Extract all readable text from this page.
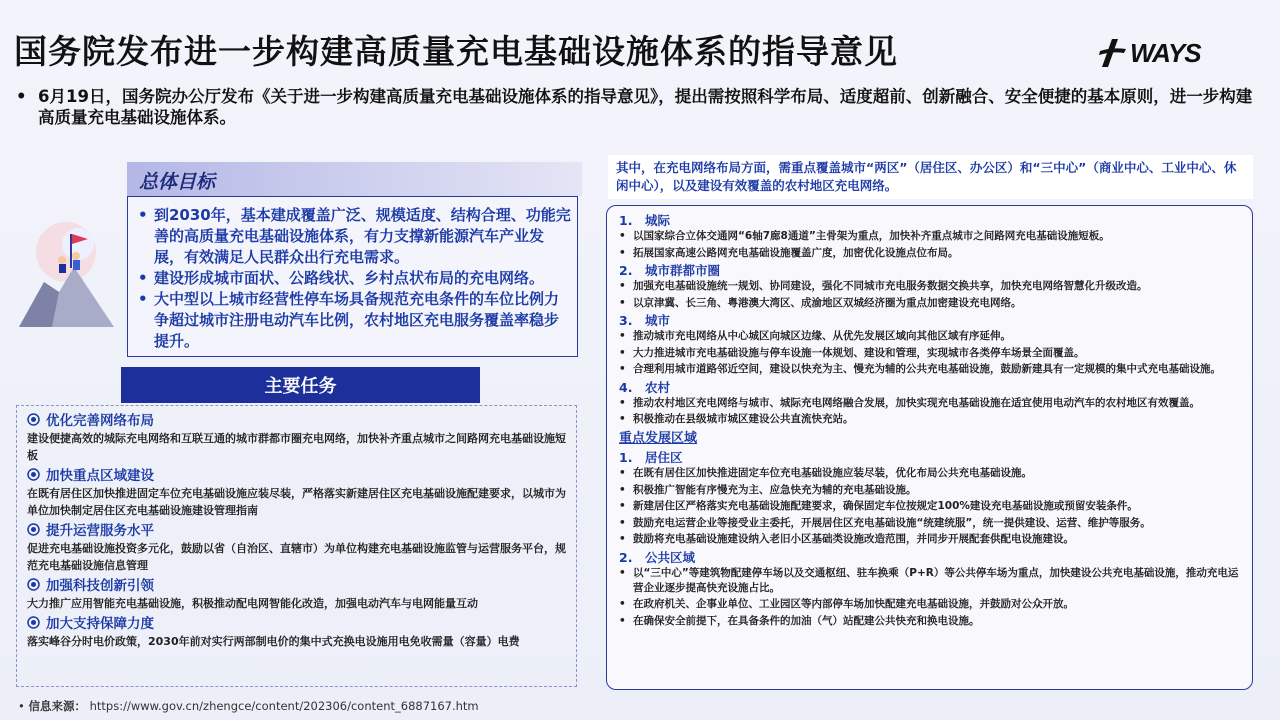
国务院发布进一步构建高质量充电基础设施体系的指导意见	WAYS
• 6月19日，国务院办公厅发布《关于进一步构建高质量充电基础设施体系的指导意见》，提出需按照科学布局、适度超前、创新融合、安全便捷的基本原则，进一步构建高质量充电基础设施体系。
总体目标
• 到2030年，基本建成覆盖广泛、规模适度、结构合理、功能完善的高质量充电基础设施体系，有力支撑新能源汽车产业发展，有效满足人民群众出行充电需求。
• 建设形成城市面状、公路线状、乡村点状布局的充电网络。
• 大中型以上城市经营性停车场具备规范充电条件的车位比例力争超过城市注册电动汽车比例，农村地区充电服务覆盖率稳步提升。
主要任务
优化完善网络布局
建设便捷高效的城际充电网络和互联互通的城市群都市圈充电网络，加快补齐重点城市之间路网充电基础设施短板
加快重点区域建设
在既有居住区加快推进固定车位充电基础设施应装尽装，严格落实新建居住区充电基础设施配建要求，以城市为单位加快制定居住区充电基础设施建设管理指南
提升运营服务水平
促进充电基础设施投资多元化，鼓励以省（自治区、直辖市）为单位构建充电基础设施监管与运营服务平台，规范充电基础设施信息管理
加强科技创新引领
大力推广应用智能充电基础设施，积极推动配电网智能化改造，加强电动汽车与电网能量互动
加大支持保障力度
落实峰谷分时电价政策，2030年前对实行两部制电价的集中式充换电设施用电免收需量（容量）电费
• 信息来源： https://www.gov.cn/zhengce/content/202306/content_6887167.htm
其中，在充电网络布局方面，需重点覆盖城市“两区”（居住区、办公区）和“三中心”（商业中心、工业中心、休闲中心），以及建设有效覆盖的农村地区充电网络。
1. 城际
• 以国家综合立体交通网“6轴7廊8通道”主骨架为重点，加快补齐重点城市之间路网充电基础设施短板。
• 拓展国家高速公路网充电基础设施覆盖广度，加密优化设施点位布局。
2. 城市群都市圈
• 加强充电基础设施统一规划、协同建设，强化不同城市充电服务数据交换共享，加快充电网络智慧化升级改造。
• 以京津冀、长三角、粤港澳大湾区、成渝地区双城经济圈为重点加密建设充电网络。
3. 城市
• 推动城市充电网络从中心城区向城区边缘、从优先发展区域向其他区域有序延伸。
• 大力推进城市充电基础设施与停车设施一体规划、建设和管理，实现城市各类停车场景全面覆盖。
• 合理利用城市道路邻近空间，建设以快充为主、慢充为辅的公共充电基础设施，鼓励新建具有一定规模的集中式充电基础设施。
4. 农村
• 推动农村地区充电网络与城市、城际充电网络融合发展，加快实现充电基础设施在适宜使用电动汽车的农村地区有效覆盖。
• 积极推动在县级城市城区建设公共直流快充站。
重点发展区域
1. 居住区
• 在既有居住区加快推进固定车位充电基础设施应装尽装，优化布局公共充电基础设施。
• 积极推广智能有序慢充为主、应急快充为辅的充电基础设施。
• 新建居住区严格落实充电基础设施配建要求，确保固定车位按规定100%建设充电基础设施或预留安装条件。
• 鼓励充电运营企业等接受业主委托，开展居住区充电基础设施“统建统服”，统一提供建设、运营、维护等服务。
• 鼓励将充电基础设施建设纳入老旧小区基础类设施改造范围，并同步开展配套供配电设施建设。
2. 公共区域
• 以“三中心”等建筑物配建停车场以及交通枢纽、驻车换乘（P+R）等公共停车场为重点，加快建设公共充电基础设施，推动充电运营企业逐步提高快充设施占比。
• 在政府机关、企事业单位、工业园区等内部停车场加快配建充电基础设施，并鼓励对公众开放。
• 在确保安全前提下，在具备条件的加油（气）站配建公共快充和换电设施。
